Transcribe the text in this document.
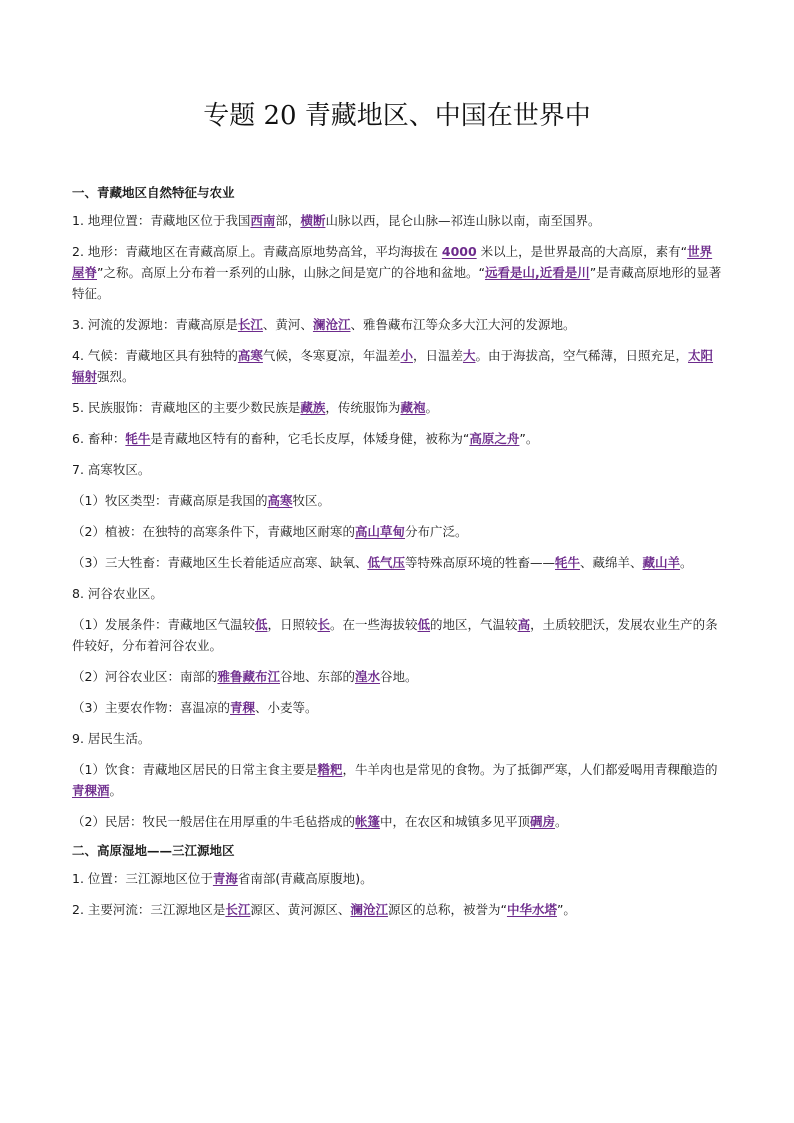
专题 20 青藏地区、中国在世界中
一、青藏地区自然特征与农业
1. 地理位置：青藏地区位于我国西南部，横断山脉以西，昆仑山脉—祁连山脉以南，南至国界。
2. 地形：青藏地区在青藏高原上。青藏高原地势高耸，平均海拔在 4000 米以上，是世界最高的大高原，素有“世界屋脊”之称。高原上分布着一系列的山脉，山脉之间是宽广的谷地和盆地。“远看是山,近看是川”是青藏高原地形的显著特征。
3. 河流的发源地：青藏高原是长江、黄河、澜沧江、雅鲁藏布江等众多大江大河的发源地。
4. 气候：青藏地区具有独特的高寒气候，冬寒夏凉，年温差小，日温差大。由于海拔高，空气稀薄，日照充足，太阳辐射强烈。
5. 民族服饰：青藏地区的主要少数民族是藏族，传统服饰为藏袍。
6. 畜种：牦牛是青藏地区特有的畜种，它毛长皮厚，体矮身健，被称为“高原之舟”。
7. 高寒牧区。
（1）牧区类型：青藏高原是我国的高寒牧区。
（2）植被：在独特的高寒条件下，青藏地区耐寒的高山草甸分布广泛。
（3）三大牲畜：青藏地区生长着能适应高寒、缺氧、低气压等特殊高原环境的牲畜——牦牛、藏绵羊、藏山羊。
8. 河谷农业区。
（1）发展条件：青藏地区气温较低，日照较长。在一些海拔较低的地区，气温较高，土质较肥沃，发展农业生产的条件较好，分布着河谷农业。
（2）河谷农业区：南部的雅鲁藏布江谷地、东部的湟水谷地。
（3）主要农作物：喜温凉的青稞、小麦等。
9. 居民生活。
（1）饮食：青藏地区居民的日常主食主要是糌粑，牛羊肉也是常见的食物。为了抵御严寒，人们都爱喝用青稞酿造的青稞酒。
（2）民居：牧民一般居住在用厚重的牛毛毡搭成的帐篷中，在农区和城镇多见平顶碉房。
二、高原湿地——三江源地区
1. 位置：三江源地区位于青海省南部(青藏高原腹地)。
2. 主要河流：三江源地区是长江源区、黄河源区、澜沧江源区的总称，被誉为“中华水塔”。
